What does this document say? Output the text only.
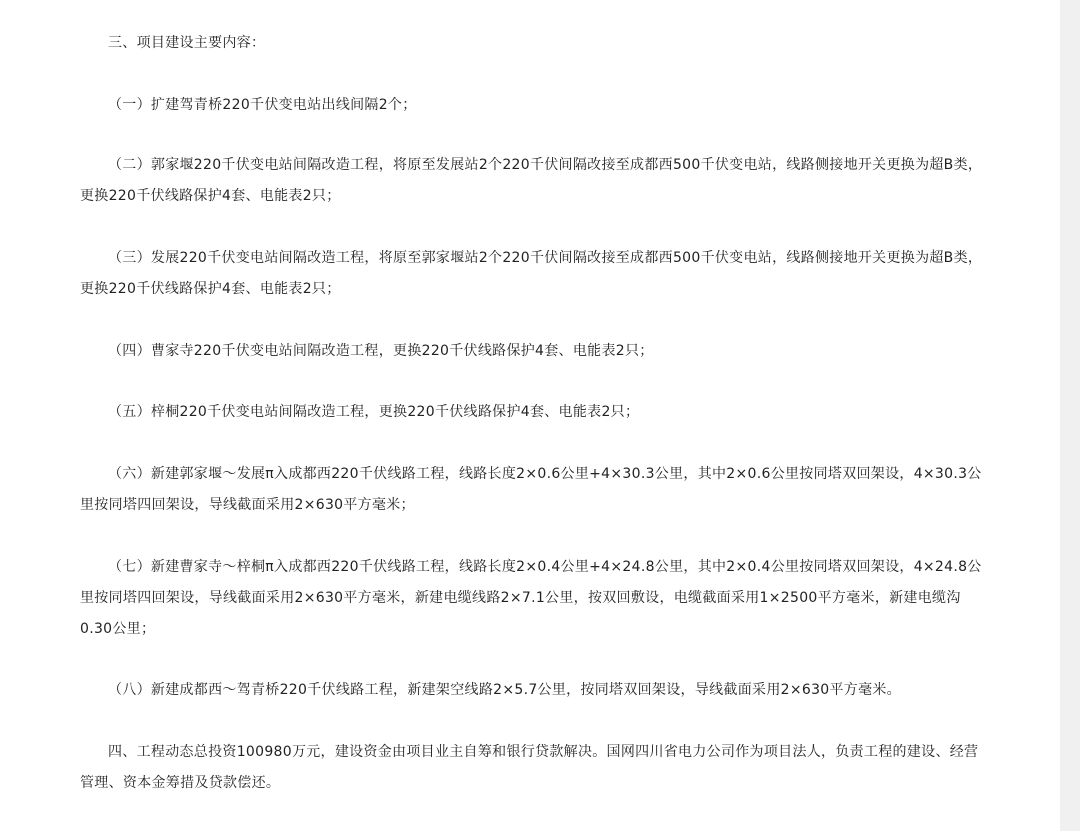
三、项目建设主要内容：

（一）扩建驾青桥220千伏变电站出线间隔2个；

（二）郭家堰220千伏变电站间隔改造工程，将原至发展站2个220千伏间隔改接至成都西500千伏变电站，线路侧接地开关更换为超B类，更换220千伏线路保护4套、电能表2只；

（三）发展220千伏变电站间隔改造工程，将原至郭家堰站2个220千伏间隔改接至成都西500千伏变电站，线路侧接地开关更换为超B类，更换220千伏线路保护4套、电能表2只；

（四）曹家寺220千伏变电站间隔改造工程，更换220千伏线路保护4套、电能表2只；

（五）梓桐220千伏变电站间隔改造工程，更换220千伏线路保护4套、电能表2只；

（六）新建郭家堰～发展π入成都西220千伏线路工程，线路长度2×0.6公里+4×30.3公里，其中2×0.6公里按同塔双回架设，4×30.3公里按同塔四回架设，导线截面采用2×630平方毫米；

（七）新建曹家寺～梓桐π入成都西220千伏线路工程，线路长度2×0.4公里+4×24.8公里，其中2×0.4公里按同塔双回架设，4×24.8公里按同塔四回架设，导线截面采用2×630平方毫米，新建电缆线路2×7.1公里，按双回敷设，电缆截面采用1×2500平方毫米，新建电缆沟0.30公里；

（八）新建成都西～驾青桥220千伏线路工程，新建架空线路2×5.7公里，按同塔双回架设，导线截面采用2×630平方毫米。

四、工程动态总投资100980万元，建设资金由项目业主自筹和银行贷款解决。国网四川省电力公司作为项目法人，负责工程的建设、经营管理、资本金筹措及贷款偿还。
